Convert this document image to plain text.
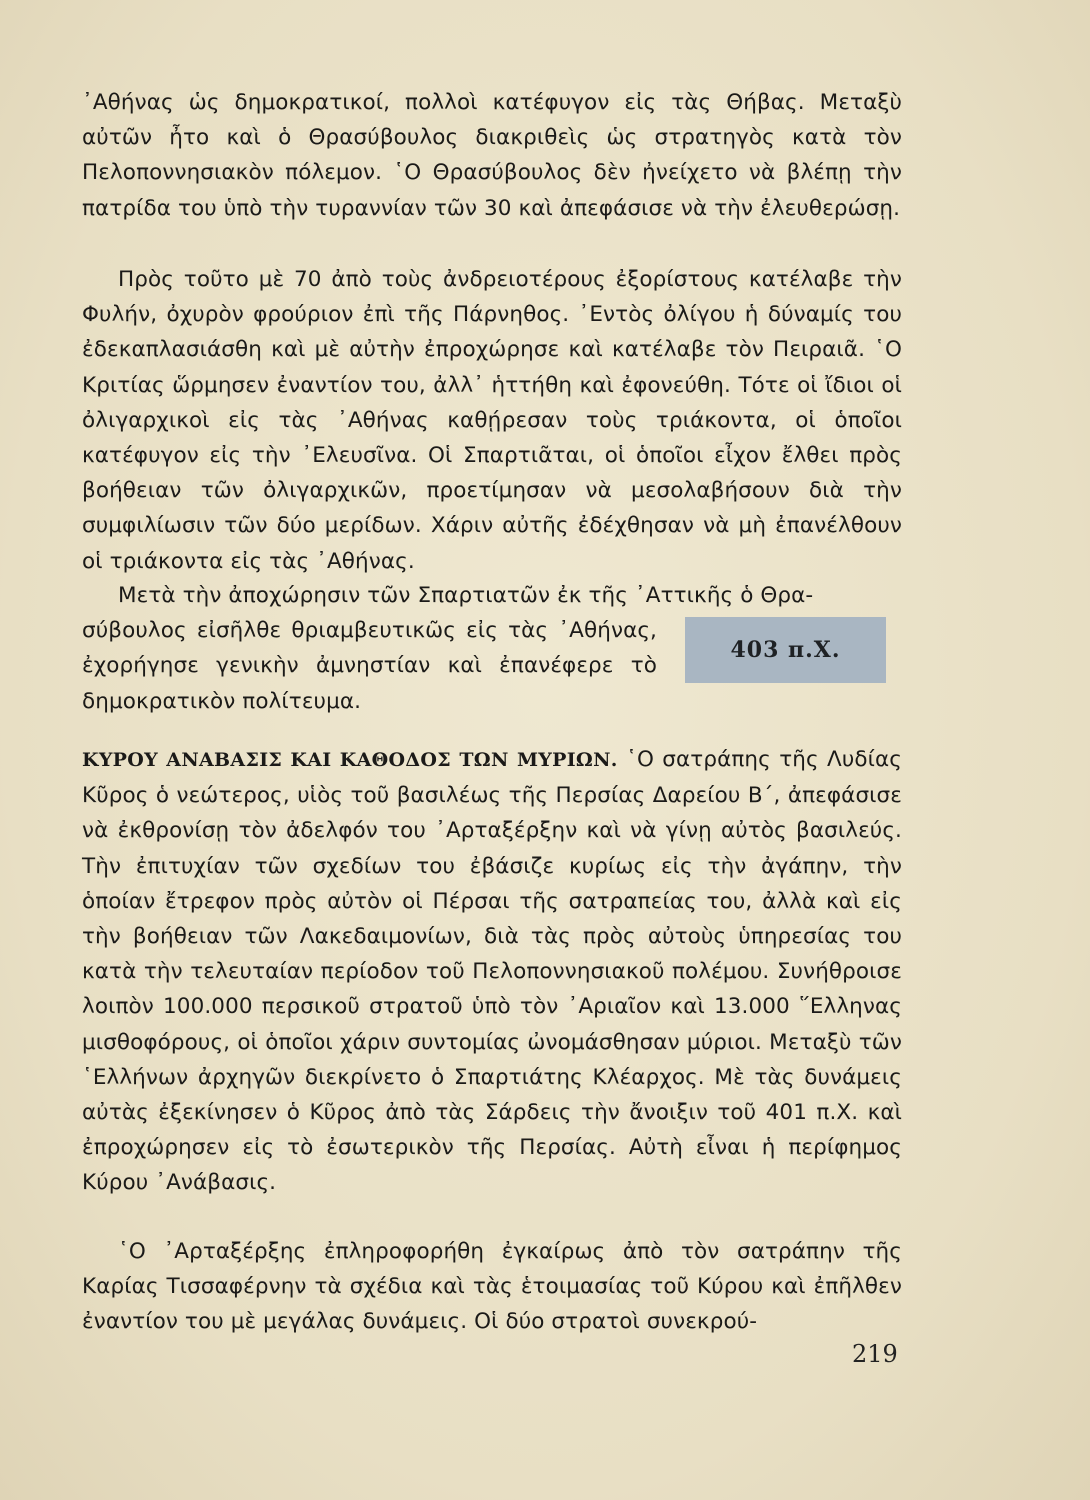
᾽Αθήνας ὡς δημοκρατικοί, πολλοὶ κατέφυγον εἰς τὰς Θήβας. Μεταξὺ αὐτῶν ἦτο καὶ ὁ Θρασύβουλος διακριθεὶς ὡς στρατηγὸς κατὰ τὸν Πελοποννησιακὸν πόλεμον. ῾Ο Θρασύβουλος δὲν ἠνείχετο νὰ βλέπῃ τὴν πατρίδα του ὑπὸ τὴν τυραννίαν τῶν 30 καὶ ἀπεφάσισε νὰ τὴν ἐλευθερώσῃ.

Πρὸς τοῦτο μὲ 70 ἀπὸ τοὺς ἀνδρειοτέρους ἐξορίστους κατέλαβε τὴν Φυλήν, ὀχυρὸν φρούριον ἐπὶ τῆς Πάρνηθος. ᾽Εντὸς ὀλίγου ἡ δύναμίς του ἐδεκαπλασιάσθη καὶ μὲ αὐτὴν ἐπροχώρησε καὶ κατέλαβε τὸν Πειραιᾶ. ῾Ο Κριτίας ὥρμησεν ἐναντίον του, ἀλλ᾽ ἡττήθη καὶ ἐφονεύθη. Τότε οἱ ἴδιοι οἱ ὀλιγαρχικοὶ εἰς τὰς ᾽Αθήνας καθῄρεσαν τοὺς τριάκοντα, οἱ ὁποῖοι κατέφυγον εἰς τὴν ᾽Ελευσῖνα. Οἱ Σπαρτιᾶται, οἱ ὁποῖοι εἶχον ἔλθει πρὸς βοήθειαν τῶν ὀλιγαρχικῶν, προετίμησαν νὰ μεσολαβήσουν διὰ τὴν συμφιλίωσιν τῶν δύο μερίδων. Χάριν αὐτῆς ἐδέχθησαν νὰ μὴ ἐπανέλθουν οἱ τριάκοντα εἰς τὰς ᾽Αθήνας.

Μετὰ τὴν ἀποχώρησιν τῶν Σπαρτιατῶν ἐκ τῆς ᾽Αττικῆς ὁ Θρα-

σύβουλος εἰσῆλθε θριαμβευτικῶς εἰς τὰς ᾽Αθήνας, ἐχορήγησε γενικὴν ἀμνηστίαν καὶ ἐπανέφερε τὸ δημοκρατικὸν πολίτευμα.

403 π.Χ.

ΚΥΡΟΥ ΑΝΑΒΑΣΙΣ ΚΑΙ ΚΑΘΟΔΟΣ ΤΩΝ ΜΥΡΙΩΝ. ῾Ο σατράπης τῆς Λυδίας Κῦρος ὁ νεώτερος, υἱὸς τοῦ βασιλέως τῆς Περσίας Δαρείου Β΄, ἀπεφάσισε νὰ ἐκθρονίσῃ τὸν ἀδελφόν του ᾽Αρταξέρξην καὶ νὰ γίνῃ αὐτὸς βασιλεύς. Τὴν ἐπιτυχίαν τῶν σχεδίων του ἐβάσιζε κυρίως εἰς τὴν ἀγάπην, τὴν ὁποίαν ἔτρεφον πρὸς αὐτὸν οἱ Πέρσαι τῆς σατραπείας του, ἀλλὰ καὶ εἰς τὴν βοήθειαν τῶν Λακεδαιμονίων, διὰ τὰς πρὸς αὐτοὺς ὑπηρεσίας του κατὰ τὴν τελευταίαν περίοδον τοῦ Πελοποννησιακοῦ πολέμου. Συνήθροισε λοιπὸν 100.000 περσικοῦ στρατοῦ ὑπὸ τὸν ᾽Αριαῖον καὶ 13.000 ῞Ελληνας μισθοφόρους, οἱ ὁποῖοι χάριν συντομίας ὠνομάσθησαν μύριοι. Μεταξὺ τῶν ῾Ελλήνων ἀρχηγῶν διεκρίνετο ὁ Σπαρτιάτης Κλέαρχος. Μὲ τὰς δυνάμεις αὐτὰς ἐξεκίνησεν ὁ Κῦρος ἀπὸ τὰς Σάρδεις τὴν ἄνοιξιν τοῦ 401 π.Χ. καὶ ἐπροχώρησεν εἰς τὸ ἐσωτερικὸν τῆς Περσίας. Αὐτὴ εἶναι ἡ περίφημος Κύρου ᾽Ανάβασις.

῾Ο ᾽Αρταξέρξης ἐπληροφορήθη ἐγκαίρως ἀπὸ τὸν σατράπην τῆς Καρίας Τισσαφέρνην τὰ σχέδια καὶ τὰς ἑτοιμασίας τοῦ Κύρου καὶ ἐπῆλθεν ἐναντίον του μὲ μεγάλας δυνάμεις. Οἱ δύο στρατοὶ συνεκρού-

219
